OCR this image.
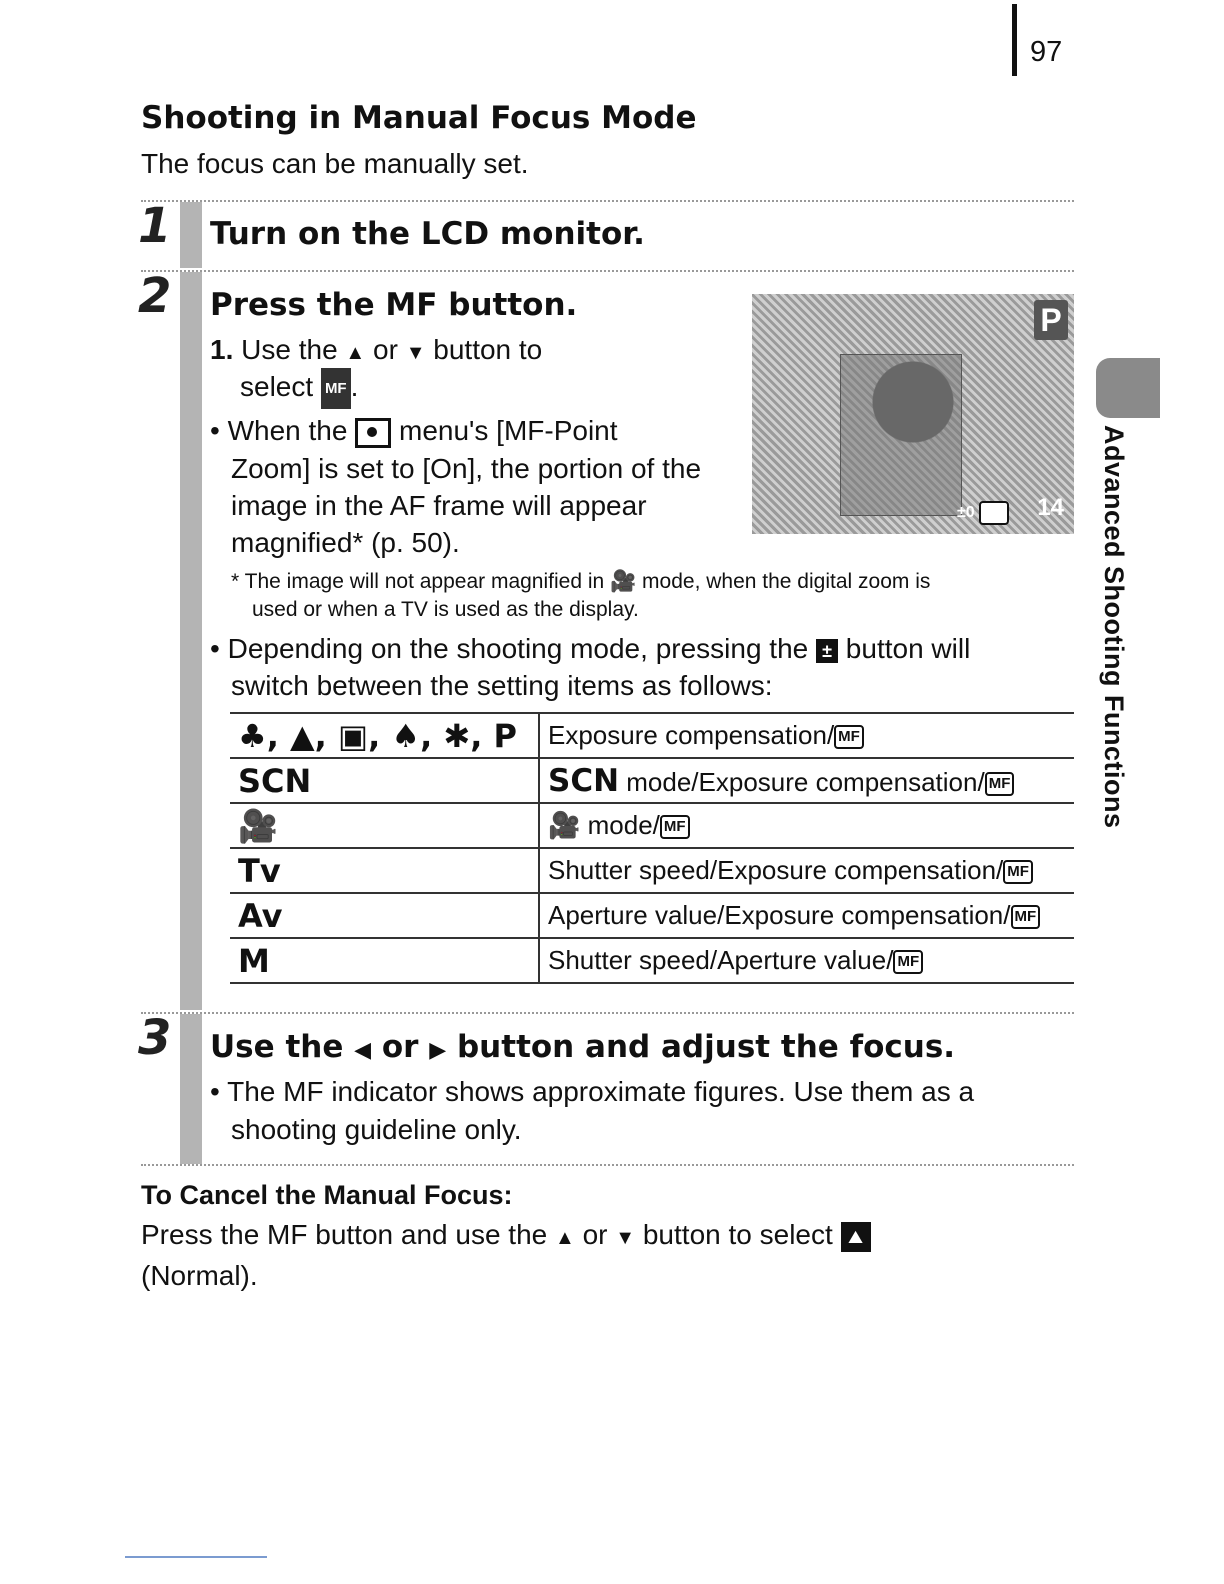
97
Advanced Shooting Functions
Shooting in Manual Focus Mode
The focus can be manually set.
1 Turn on the LCD monitor.
2 Press the MF button.
1. Use the ▲ or ▼ button to
select MF .
• When the menu's [MF-Point
Zoom] is set to [On], the portion of the
image in the AF frame will appear
magnified* (p. 50).
P
±0 MF 14
* The image will not appear magnified in 🎥 mode, when the digital zoom is
used or when a TV is used as the display.
• Depending on the shooting mode, pressing the ± button will
switch between the setting items as follows:
♣, ▲, ▣, ♠, ✱, P	Exposure compensation/ MF
SCN	SCN mode/Exposure compensation/ MF
🎥	🎥 mode/ MF
Tv	Shutter speed/Exposure compensation/ MF
Av	Aperture value/Exposure compensation/ MF
M	Shutter speed/Aperture value/ MF
3 Use the ◀ or ▶ button and adjust the focus.
• The MF indicator shows approximate figures. Use them as a
shooting guideline only.
To Cancel the Manual Focus:
Press the MF button and use the ▲ or ▼ button to select ⛰
(Normal).
